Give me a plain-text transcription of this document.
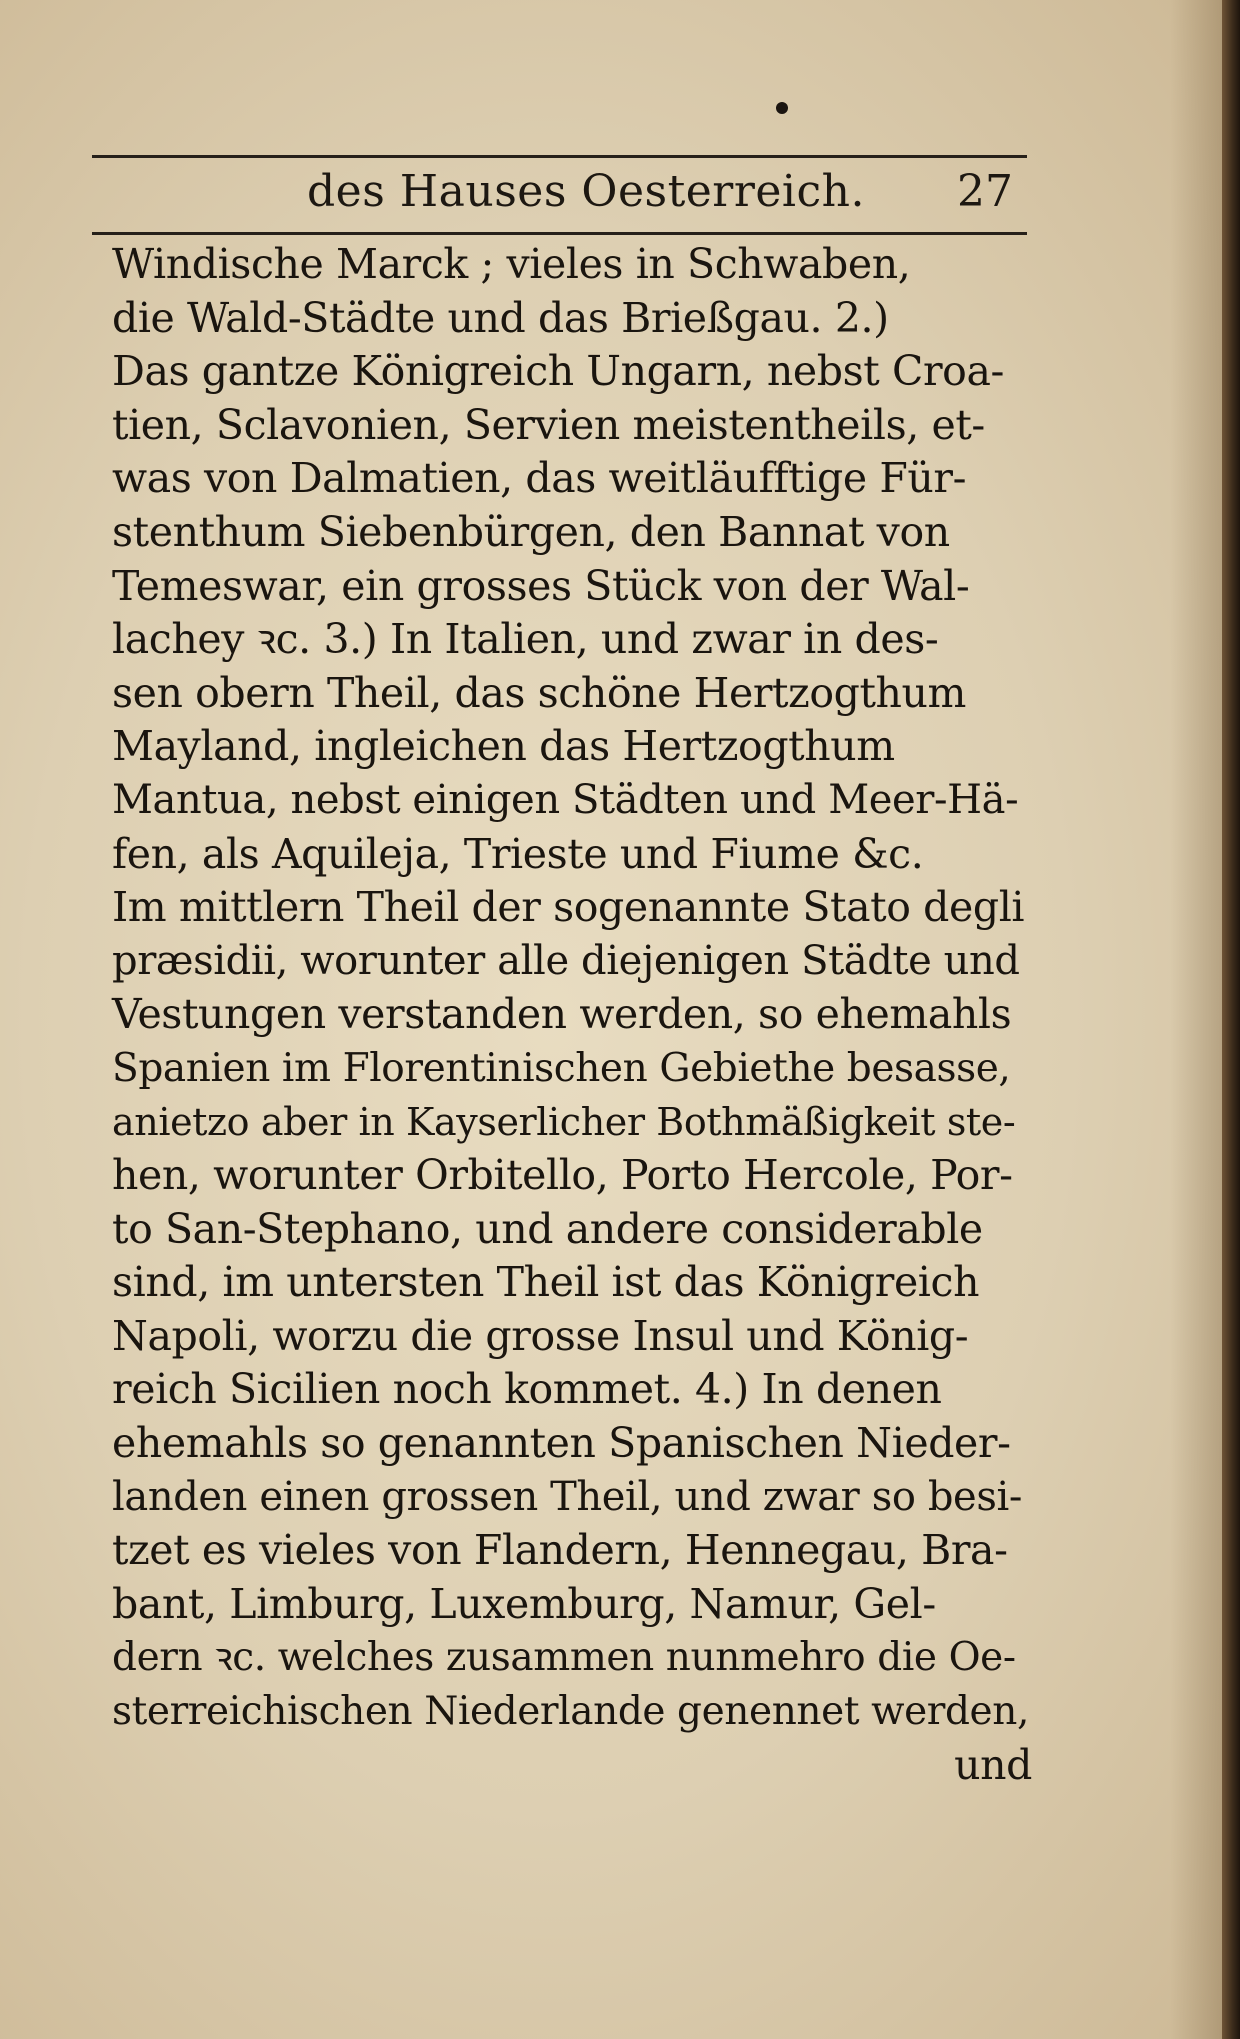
des Hauses Oesterreich. 27
Windische Marck ; vieles in Schwaben,
die Wald-Städte und das Brießgau. 2.)
Das gantze Königreich Ungarn, nebst Croa-
tien, Sclavonien, Servien meistentheils, et-
was von Dalmatien, das weitläufftige Für-
stenthum Siebenbürgen, den Bannat von
Temeswar, ein grosses Stück von der Wal-
lachey ꝛc. 3.) In Italien, und zwar in des-
sen obern Theil, das schöne Hertzogthum
Mayland, ingleichen das Hertzogthum
Mantua, nebst einigen Städten und Meer-Hä-
fen, als Aquileja, Trieste und Fiume &c.
Im mittlern Theil der sogenannte Stato degli
præsidii, worunter alle diejenigen Städte und
Vestungen verstanden werden, so ehemahls
Spanien im Florentinischen Gebiethe besasse,
anietzo aber in Kayserlicher Bothmäßigkeit ste-
hen, worunter Orbitello, Porto Hercole, Por-
to San-Stephano, und andere considerable
sind, im untersten Theil ist das Königreich
Napoli, worzu die grosse Insul und König-
reich Sicilien noch kommet. 4.) In denen
ehemahls so genannten Spanischen Nieder-
landen einen grossen Theil, und zwar so besi-
tzet es vieles von Flandern, Hennegau, Bra-
bant, Limburg, Luxemburg, Namur, Gel-
dern ꝛc. welches zusammen nunmehro die Oe-
sterreichischen Niederlande genennet werden,
und
